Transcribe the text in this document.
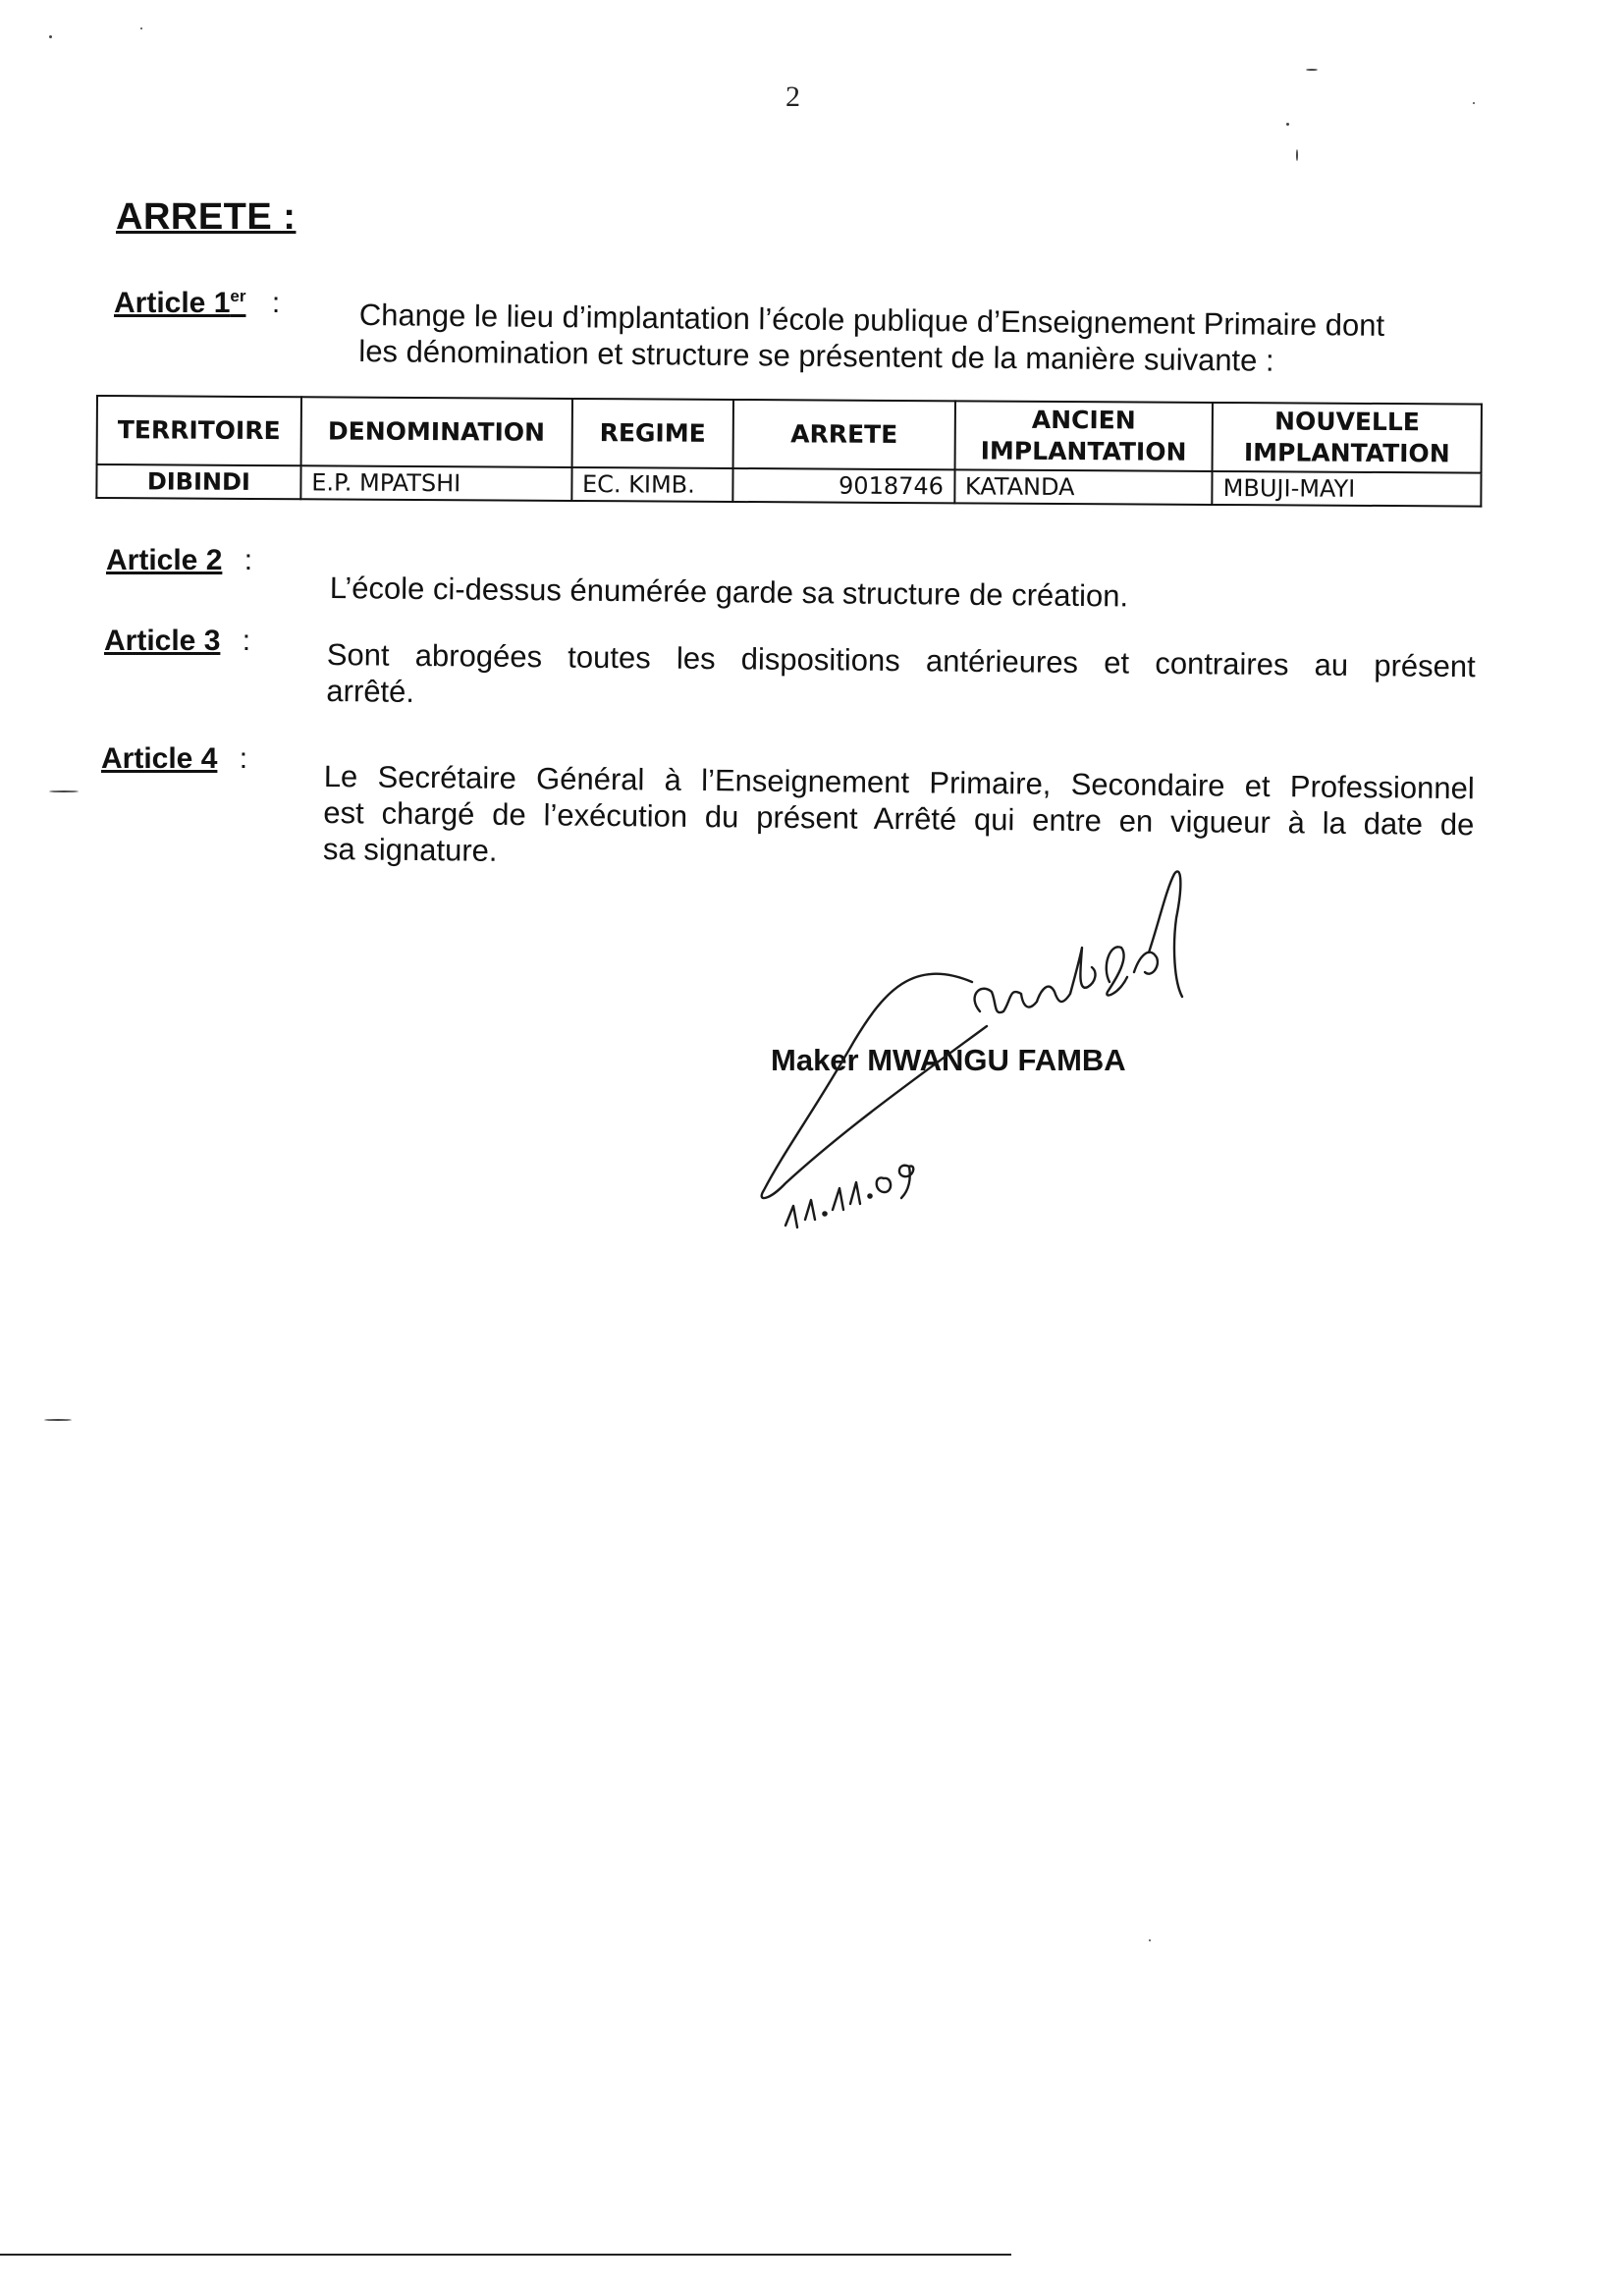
2
ARRETE :
Article 1er :	Change le lieu d’implantation l’école publique d’Enseignement Primaire dont
les dénomination et structure se présentent de la manière suivante :
TERRITOIRE	DENOMINATION	REGIME	ARRETE	ANCIEN IMPLANTATION	NOUVELLE IMPLANTATION
DIBINDI	E.P. MPATSHI	EC. KIMB.	9018746	KATANDA	MBUJI-MAYI
Article 2 :
L’école ci-dessus énumérée garde sa structure de création.
Article 3 :	Sont abrogées toutes les dispositions antérieures et contraires au présent
arrêté.
Article 4 :
Le Secrétaire Général à l’Enseignement Primaire, Secondaire et Professionnel
est chargé de l’exécution du présent Arrêté qui entre en vigueur à la date de
sa signature.
Maker MWANGU FAMBA
